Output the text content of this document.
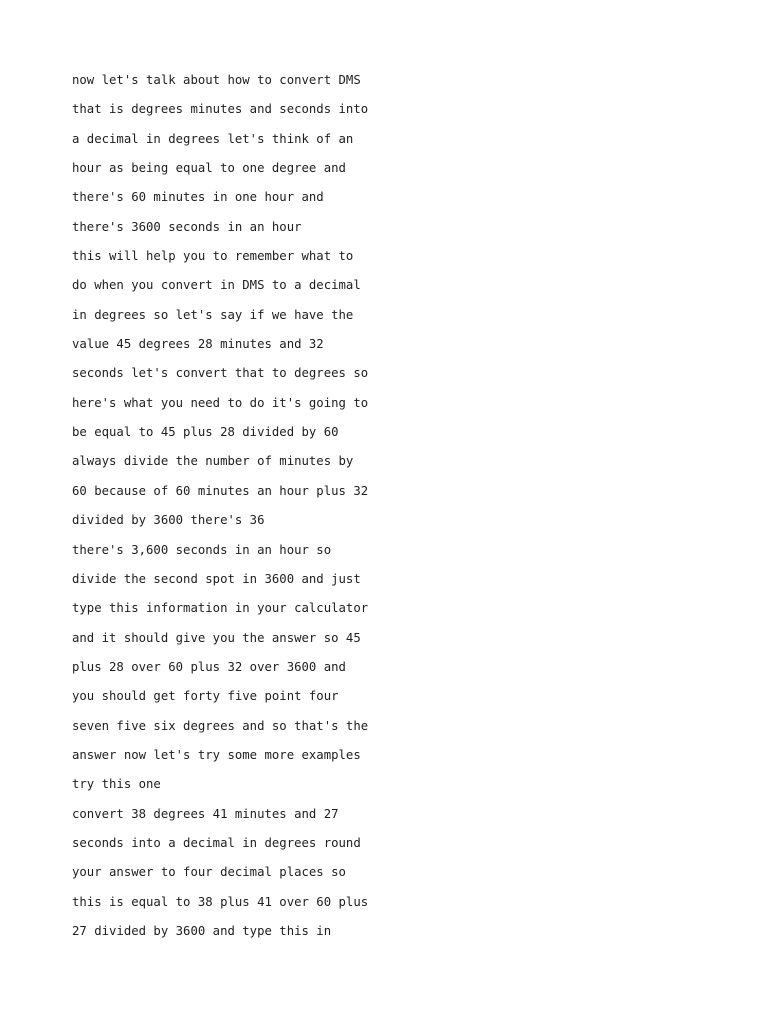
now let's talk about how to convert DMS
that is degrees minutes and seconds into
a decimal in degrees let's think of an
hour as being equal to one degree and
there's 60 minutes in one hour and
there's 3600 seconds in an hour
this will help you to remember what to
do when you convert in DMS to a decimal
in degrees so let's say if we have the
value 45 degrees 28 minutes and 32
seconds let's convert that to degrees so
here's what you need to do it's going to
be equal to 45 plus 28 divided by 60
always divide the number of minutes by
60 because of 60 minutes an hour plus 32
divided by 3600 there's 36
there's 3,600 seconds in an hour so
divide the second spot in 3600 and just
type this information in your calculator
and it should give you the answer so 45
plus 28 over 60 plus 32 over 3600 and
you should get forty five point four
seven five six degrees and so that's the
answer now let's try some more examples
try this one
convert 38 degrees 41 minutes and 27
seconds into a decimal in degrees round
your answer to four decimal places so
this is equal to 38 plus 41 over 60 plus
27 divided by 3600 and type this in
